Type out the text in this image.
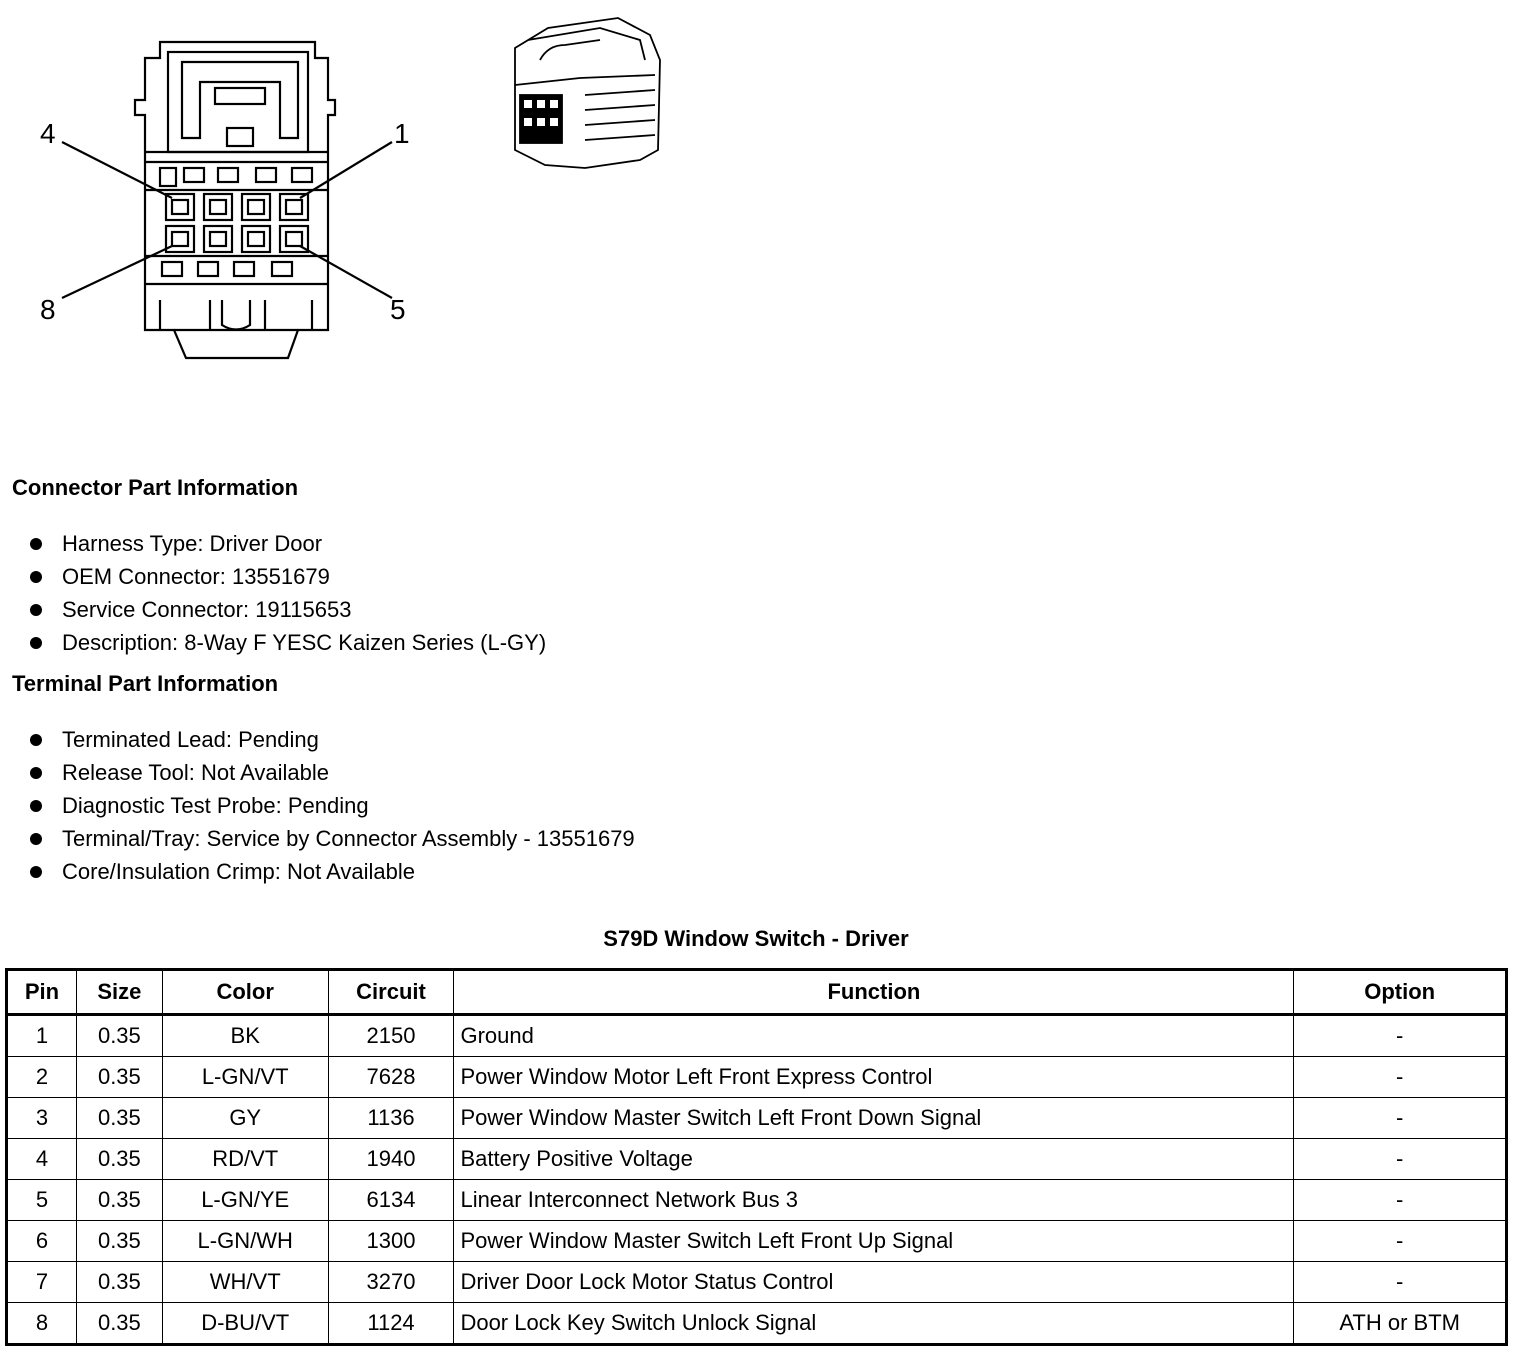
4	1
8	5
Connector Part Information
Harness Type: Driver Door
OEM Connector: 13551679
Service Connector: 19115653
Description: 8-Way F YESC Kaizen Series (L-GY)
Terminal Part Information
Terminated Lead: Pending
Release Tool: Not Available
Diagnostic Test Probe: Pending
Terminal/Tray: Service by Connector Assembly - 13551679
Core/Insulation Crimp: Not Available
S79D Window Switch - Driver
Pin	Size	Color	Circuit	Function	Option
1	0.35	BK	2150	Ground	-
2	0.35	L-GN/VT	7628	Power Window Motor Left Front Express Control	-
3	0.35	GY	1136	Power Window Master Switch Left Front Down Signal	-
4	0.35	RD/VT	1940	Battery Positive Voltage	-
5	0.35	L-GN/YE	6134	Linear Interconnect Network Bus 3	-
6	0.35	L-GN/WH	1300	Power Window Master Switch Left Front Up Signal	-
7	0.35	WH/VT	3270	Driver Door Lock Motor Status Control	-
8	0.35	D-BU/VT	1124	Door Lock Key Switch Unlock Signal	ATH or BTM
